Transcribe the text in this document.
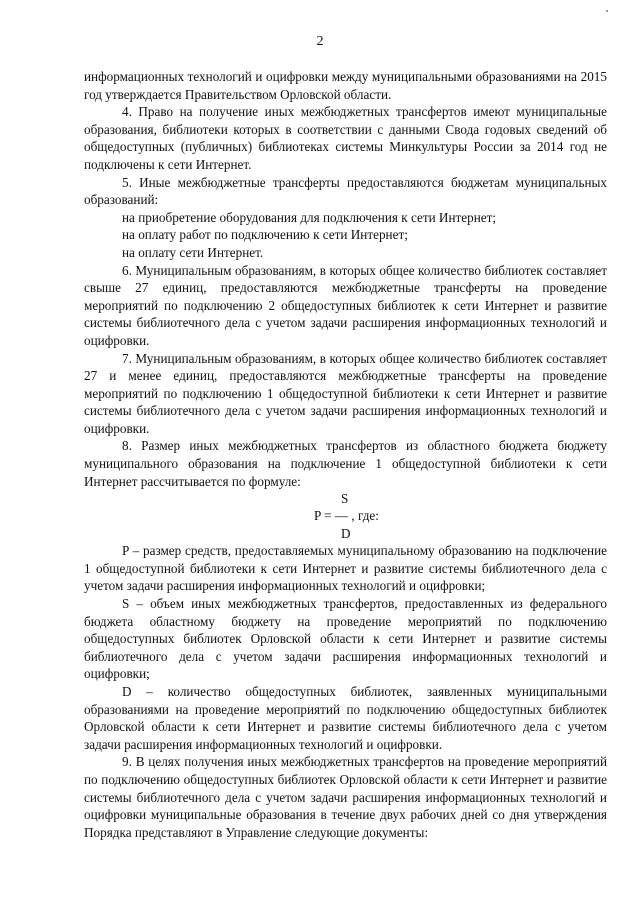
2

информационных технологий и оцифровки между муниципальными образованиями на 2015 год утверждается Правительством Орловской области.

4. Право на получение иных межбюджетных трансфертов имеют муниципальные образования, библиотеки которых в соответствии с данными Свода годовых сведений об общедоступных (публичных) библиотеках системы Минкультуры России за 2014 год не подключены к сети Интернет.

5. Иные межбюджетные трансферты предоставляются бюджетам муниципальных образований:

на приобретение оборудования для подключения к сети Интернет;

на оплату работ по подключению к сети Интернет;

на оплату сети Интернет.

6. Муниципальным образованиям, в которых общее количество библиотек составляет свыше 27 единиц, предоставляются межбюджетные трансферты на проведение мероприятий по подключению 2 общедоступных библиотек к сети Интернет и развитие системы библиотечного дела с учетом задачи расширения информационных технологий и оцифровки.

7. Муниципальным образованиям, в которых общее количество библиотек составляет 27 и менее единиц, предоставляются межбюджетные трансферты на проведение мероприятий по подключению 1 общедоступной библиотеки к сети Интернет и развитие системы библиотечного дела с учетом задачи расширения информационных технологий и оцифровки.

8. Размер иных межбюджетных трансфертов из областного бюджета бюджету муниципального образования на подключение 1 общедоступной библиотеки к сети Интернет рассчитывается по формуле:

S
P = — , где:
D

P – размер средств, предоставляемых муниципальному образованию на подключение 1 общедоступной библиотеки к сети Интернет и развитие системы библиотечного дела с учетом задачи расширения информационных технологий и оцифровки;

S – объем иных межбюджетных трансфертов, предоставленных из федерального бюджета областному бюджету на проведение мероприятий по подключению общедоступных библиотек Орловской области к сети Интернет и развитие системы библиотечного дела с учетом задачи расширения информационных технологий и оцифровки;

D – количество общедоступных библиотек, заявленных муниципальными образованиями на проведение мероприятий по подключению общедоступных библиотек Орловской области к сети Интернет и развитие системы библиотечного дела с учетом задачи расширения информационных технологий и оцифровки.

9. В целях получения иных межбюджетных трансфертов на проведение мероприятий по подключению общедоступных библиотек Орловской области к сети Интернет и развитие системы библиотечного дела с учетом задачи расширения информационных технологий и оцифровки муниципальные образования в течение двух рабочих дней со дня утверждения Порядка представляют в Управление следующие документы:
